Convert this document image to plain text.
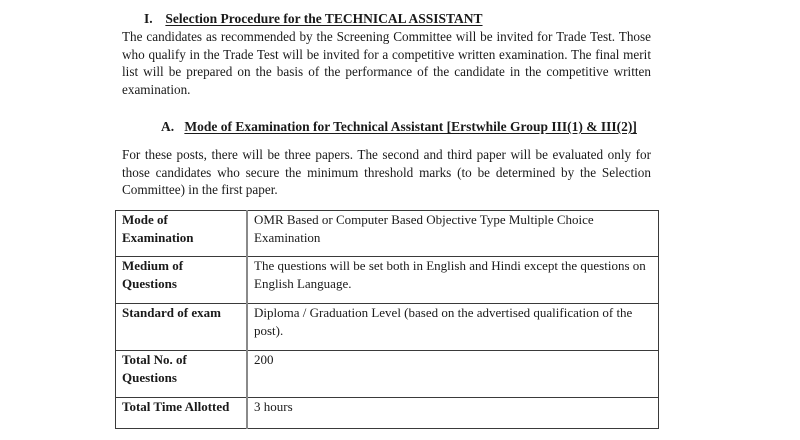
I. Selection Procedure for the TECHNICAL ASSISTANT
The candidates as recommended by the Screening Committee will be invited for Trade Test. Those who qualify in the Trade Test will be invited for a competitive written examination. The final merit list will be prepared on the basis of the performance of the candidate in the competitive written examination.
A. Mode of Examination for Technical Assistant [Erstwhile Group III(1) & III(2)]
For these posts, there will be three papers. The second and third paper will be evaluated only for those candidates who secure the minimum threshold marks (to be determined by the Selection Committee) in the first paper.
Mode of Examination	OMR Based or Computer Based Objective Type Multiple Choice Examination

Medium of Questions	The questions will be set both in English and Hindi except the questions on English Language.

Standard of exam	Diploma / Graduation Level (based on the advertised qualification of the post).

Total No. of Questions	200

Total Time Allotted	3 hours
